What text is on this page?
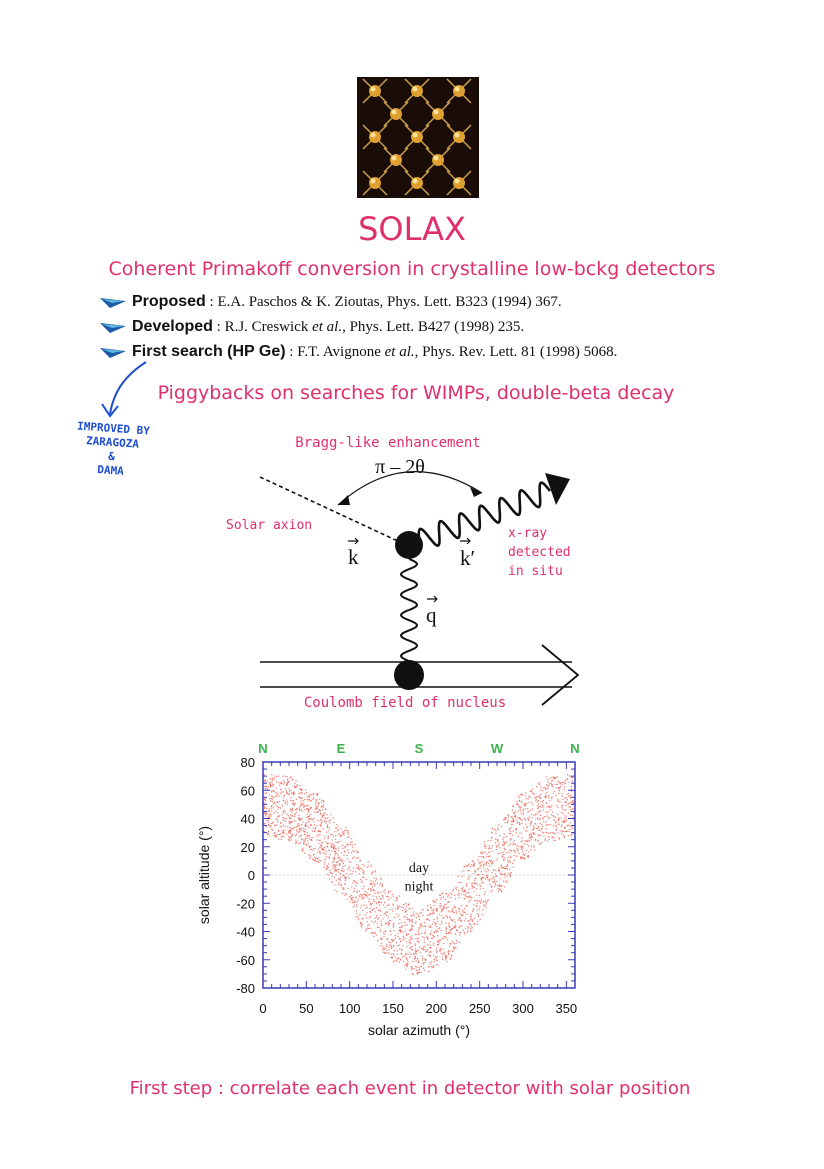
SOLAX
Coherent Primakoff conversion in crystalline low-bckg detectors
Proposed : E.A. Paschos & K. Zioutas, Phys. Lett. B323 (1994) 367.
Developed : R.J. Creswick et al., Phys. Lett. B427 (1998) 235.
First search (HP Ge) : F.T. Avignone et al., Phys. Rev. Lett. 81 (1998) 5068.
Piggybacks on searches for WIMPs, double-beta decay
IMPROVED BY
ZARAGOZA
&
DAMA
Bragg-like enhancement
π – 2θ
Solar axion
x-ray
detected
in situ
k	k′
q
Coulomb field of nucleus
0 50 100 150 200 250 300 350
80
60
40
20
0
-20
-40
-60
-80
N	E	S	W	N
day
night
solar azimuth (°)
solar altitude (°)
First step : correlate each event in detector with solar position
